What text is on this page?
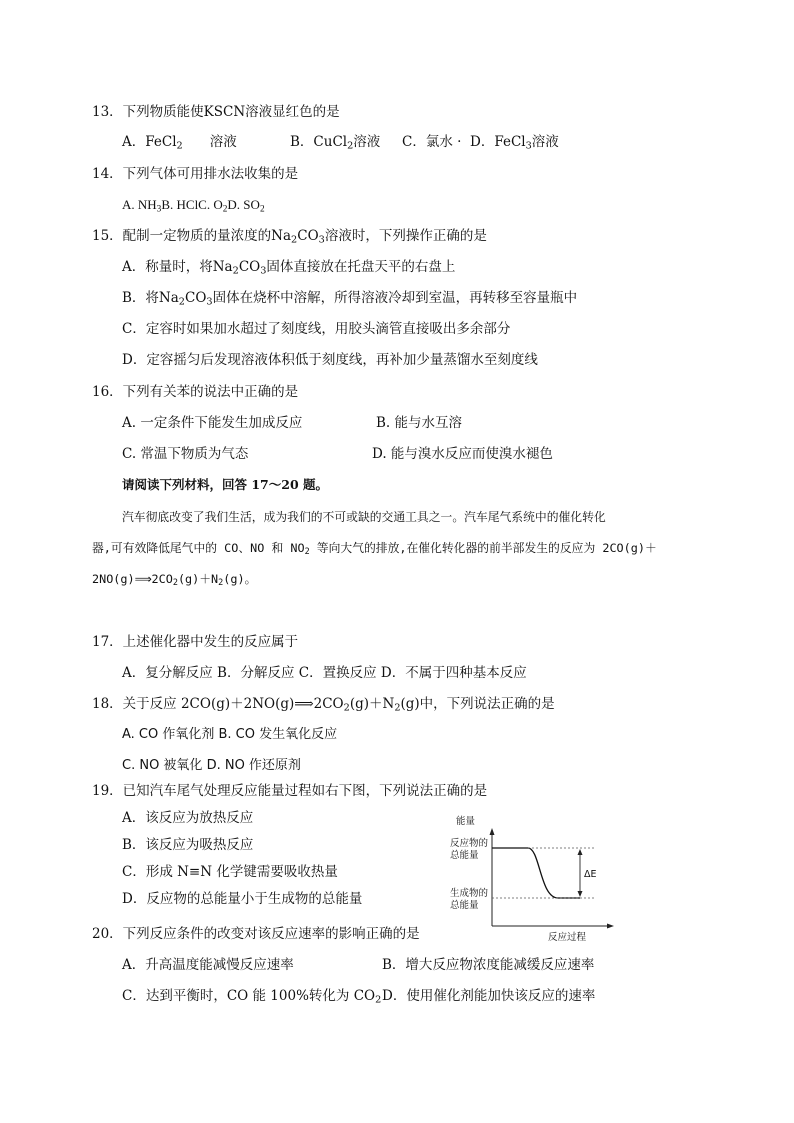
13．下列物质能使KSCN溶液显红色的是
A．FeCl$_2$　　溶液	B．CuCl$_2$溶液 C．氯水 · D．FeCl$_3$溶液
14．下列气体可用排水法收集的是
A. $NH_3B$. HClC. $O_2D$. $SO_2$
15．配制一定物质的量浓度的$Na_2CO_3$溶液时，下列操作正确的是
A．称量时，将$Na_2CO_3$固体直接放在托盘天平的右盘上
B．将$Na_2CO_3$固体在烧杯中溶解，所得溶液冷却到室温，再转移至容量瓶中
C．定容时如果加水超过了刻度线，用胶头滴管直接吸出多余部分
D．定容摇匀后发现溶液体积低于刻度线，再补加少量蒸馏水至刻度线
16．下列有关苯的说法中正确的是
A. 一定条件下能发生加成反应	B. 能与水互溶
C. 常温下物质为气态	D. 能与溴水反应而使溴水褪色
请阅读下列材料，回答 17～20 题。
汽车彻底改变了我们生活，成为我们的不可或缺的交通工具之一。汽车尾气系统中的催化转化
器,可有效降低尾气中的 CO、NO 和 $NO_2$ 等向大气的排放,在催化转化器的前半部发生的反应为 2CO(g)＋
$2NO(g)⟹2CO_2(g)+N_2(g)$。
17．上述催化器中发生的反应属于
A．复分解反应 B．分解反应 C．置换反应 D．不属于四种基本反应
18．关于反应 $2CO(g)+2NO(g)⟹2CO_2(g)+N_2(g)$中，下列说法正确的是
A. CO 作氧化剂 B. CO 发生氧化反应
C. NO 被氧化 D. NO 作还原剂
19．已知汽车尾气处理反应能量过程如右下图，下列说法正确的是
A．该反应为放热反应
B．该反应为吸热反应
C．形成 N≡N 化学键需要吸收热量
D．反应物的总能量小于生成物的总能量
能量
反应物的
总能量
生成物的
总能量
ΔE
反应过程
20．下列反应条件的改变对该反应速率的影响正确的是
A．升高温度能减慢反应速率	B．增大反应物浓度能减缓反应速率
C．达到平衡时，CO 能 100%转化为 $CO_2$ D．使用催化剂能加快该反应的速率
